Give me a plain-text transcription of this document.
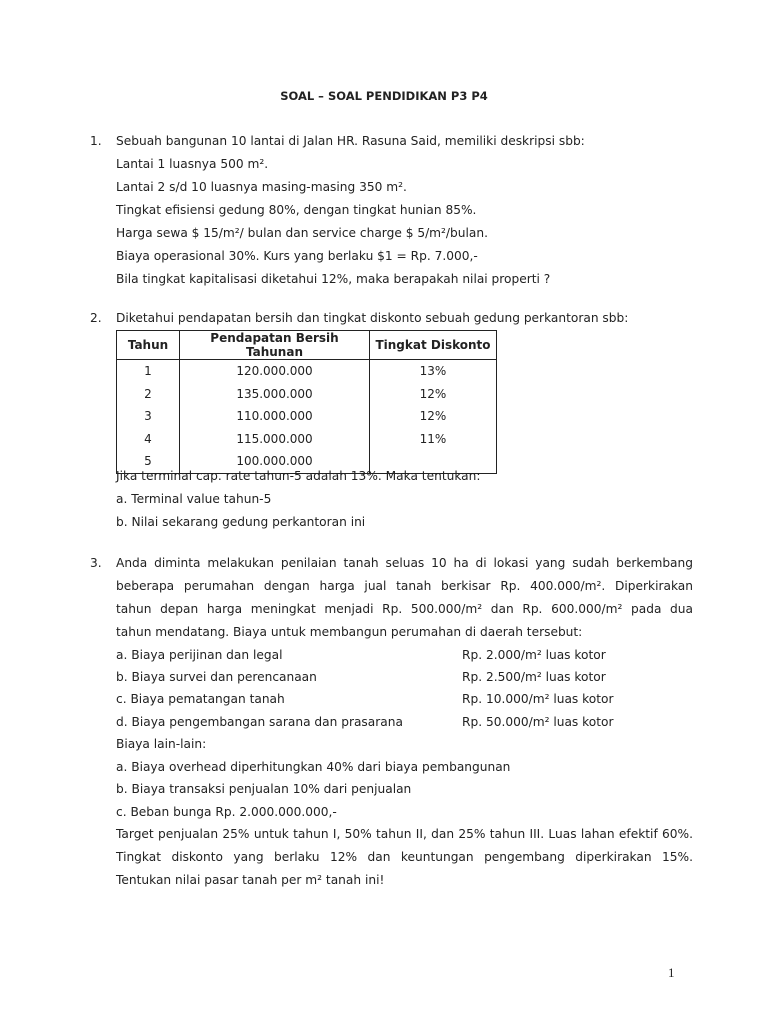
SOAL – SOAL PENDIDIKAN P3 P4
1. Sebuah bangunan 10 lantai di Jalan HR. Rasuna Said, memiliki deskripsi sbb:
Lantai 1 luasnya 500 m².
Lantai 2 s/d 10 luasnya masing-masing 350 m².
Tingkat efisiensi gedung 80%, dengan tingkat hunian 85%.
Harga sewa $ 15/m²/ bulan dan service charge $ 5/m²/bulan.
Biaya operasional 30%. Kurs yang berlaku $1 = Rp. 7.000,-
Bila tingkat kapitalisasi diketahui 12%, maka berapakah nilai properti ?
2. Diketahui pendapatan bersih dan tingkat diskonto sebuah gedung perkantoran sbb:
Tahun	Pendapatan Bersih Tahunan	Tingkat Diskonto
1	120.000.000	13%
2	135.000.000	12%
3	110.000.000	12%
4	115.000.000	11%
5	100.000.000	
Jika terminal cap. rate tahun-5 adalah 13%. Maka tentukan:
a. Terminal value tahun-5
b. Nilai sekarang gedung perkantoran ini
3. Anda diminta melakukan penilaian tanah seluas 10 ha di lokasi yang sudah berkembang
beberapa perumahan dengan harga jual tanah berkisar Rp. 400.000/m². Diperkirakan
tahun depan harga meningkat menjadi Rp. 500.000/m² dan Rp. 600.000/m² pada dua
tahun mendatang. Biaya untuk membangun perumahan di daerah tersebut:
a. Biaya perijinan dan legal	Rp. 2.000/m² luas kotor
b. Biaya survei dan perencanaan	Rp. 2.500/m² luas kotor
c. Biaya pematangan tanah	Rp. 10.000/m² luas kotor
d. Biaya pengembangan sarana dan prasarana	Rp. 50.000/m² luas kotor
Biaya lain-lain:
a. Biaya overhead diperhitungkan 40% dari biaya pembangunan
b. Biaya transaksi penjualan 10% dari penjualan
c. Beban bunga Rp. 2.000.000.000,-
Target penjualan 25% untuk tahun I, 50% tahun II, dan 25% tahun III. Luas lahan efektif 60%.
Tingkat diskonto yang berlaku 12% dan keuntungan pengembang diperkirakan 15%.
Tentukan nilai pasar tanah per m² tanah ini!
1
